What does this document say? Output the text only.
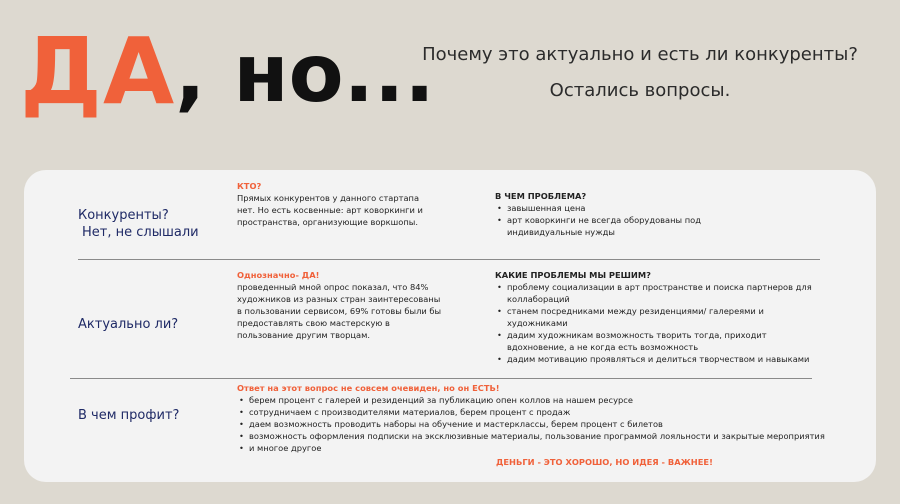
ДА , но...
Почему это актуально и есть ли конкуренты?
Остались вопросы.
Конкуренты?
Нет, не слышали
КТО?
Прямых конкурентов у данного стартапа нет. Но есть косвенные: арт коворкинги и пространства, организующие воркшопы.
В ЧЕМ ПРОБЛЕМА?
• завышенная цена
• арт коворкинги не всегда оборудованы под индивидуальные нужды
Актуально ли?
Однозначно- ДА!
проведенный мной опрос показал, что 84% художников из разных стран заинтересованы в пользовании сервисом, 69% готовы были бы предоставлять свою мастерскую в пользование другим творцам.
КАКИЕ ПРОБЛЕМЫ МЫ РЕШИМ?
• проблему социализации в арт пространстве и поиска партнеров для коллабораций
• станем посредниками между резиденциями/ галереями и художниками
• дадим художникам возможность творить тогда, приходит вдохновение, а не когда есть возможность
• дадим мотивацию проявляться и делиться творчеством и навыками
В чем профит?
Ответ на этот вопрос не совсем очевиден, но он ЕСТЬ!
• берем процент с галерей и резиденций за публикацию опен коллов на нашем ресурсе
• сотрудничаем с производителями материалов, берем процент с продаж
• даем возможность проводить наборы на обучение и мастерклассы, берем процент с билетов
• возможность оформления подписки на эксклюзивные материалы, пользование программой лояльности и закрытые мероприятия
• и многое другое
ДЕНЬГИ - ЭТО ХОРОШО, НО ИДЕЯ - ВАЖНЕЕ!
